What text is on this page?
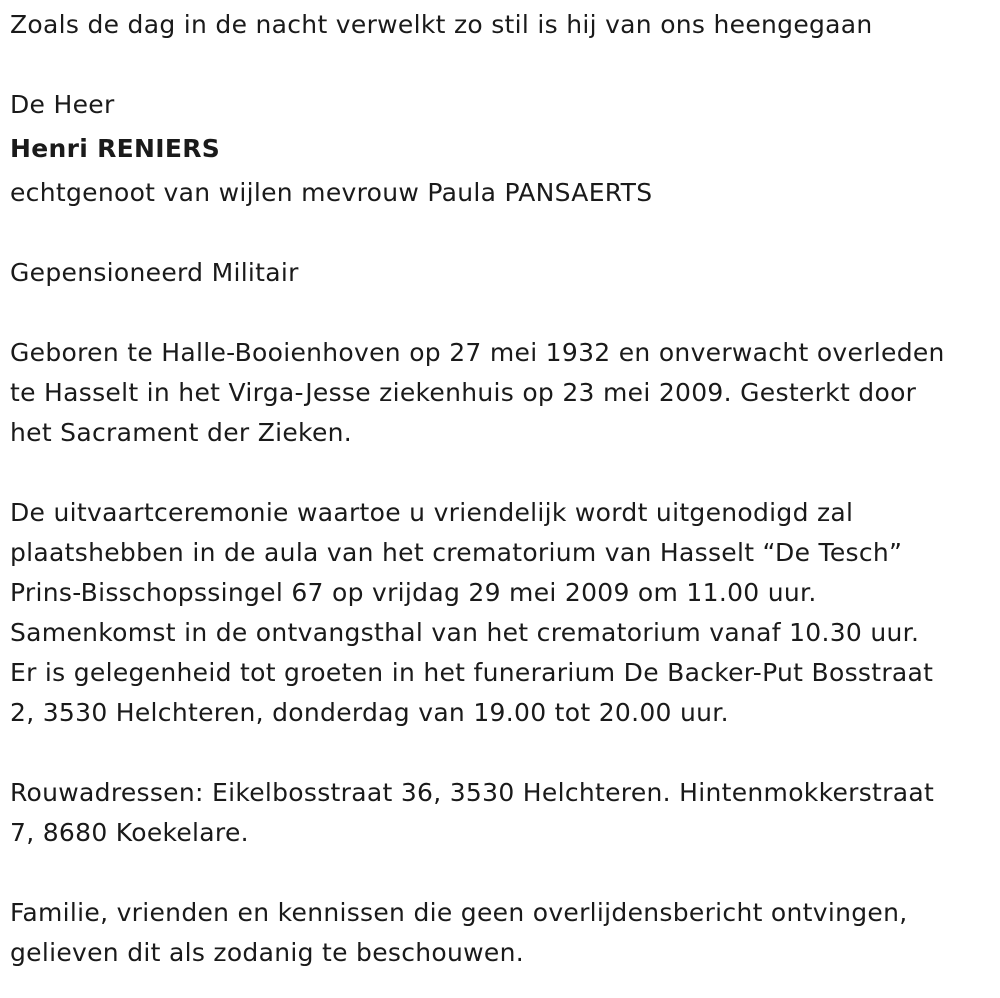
Zoals de dag in de nacht verwelkt zo stil is hij van ons heengegaan
De Heer
Henri RENIERS
echtgenoot van wijlen mevrouw Paula PANSAERTS
Gepensioneerd Militair
Geboren te Halle-Booienhoven op 27 mei 1932 en onverwacht overleden
te Hasselt in het Virga-Jesse ziekenhuis op 23 mei 2009. Gesterkt door
het Sacrament der Zieken.
De uitvaartceremonie waartoe u vriendelijk wordt uitgenodigd zal
plaatshebben in de aula van het crematorium van Hasselt “De Tesch”
Prins-Bisschopssingel 67 op vrijdag 29 mei 2009 om 11.00 uur.
Samenkomst in de ontvangsthal van het crematorium vanaf 10.30 uur.
Er is gelegenheid tot groeten in het funerarium De Backer-Put Bosstraat
2, 3530 Helchteren, donderdag van 19.00 tot 20.00 uur.
Rouwadressen: Eikelbosstraat 36, 3530 Helchteren. Hintenmokkerstraat
7, 8680 Koekelare.
Familie, vrienden en kennissen die geen overlijdensbericht ontvingen,
gelieven dit als zodanig te beschouwen.
